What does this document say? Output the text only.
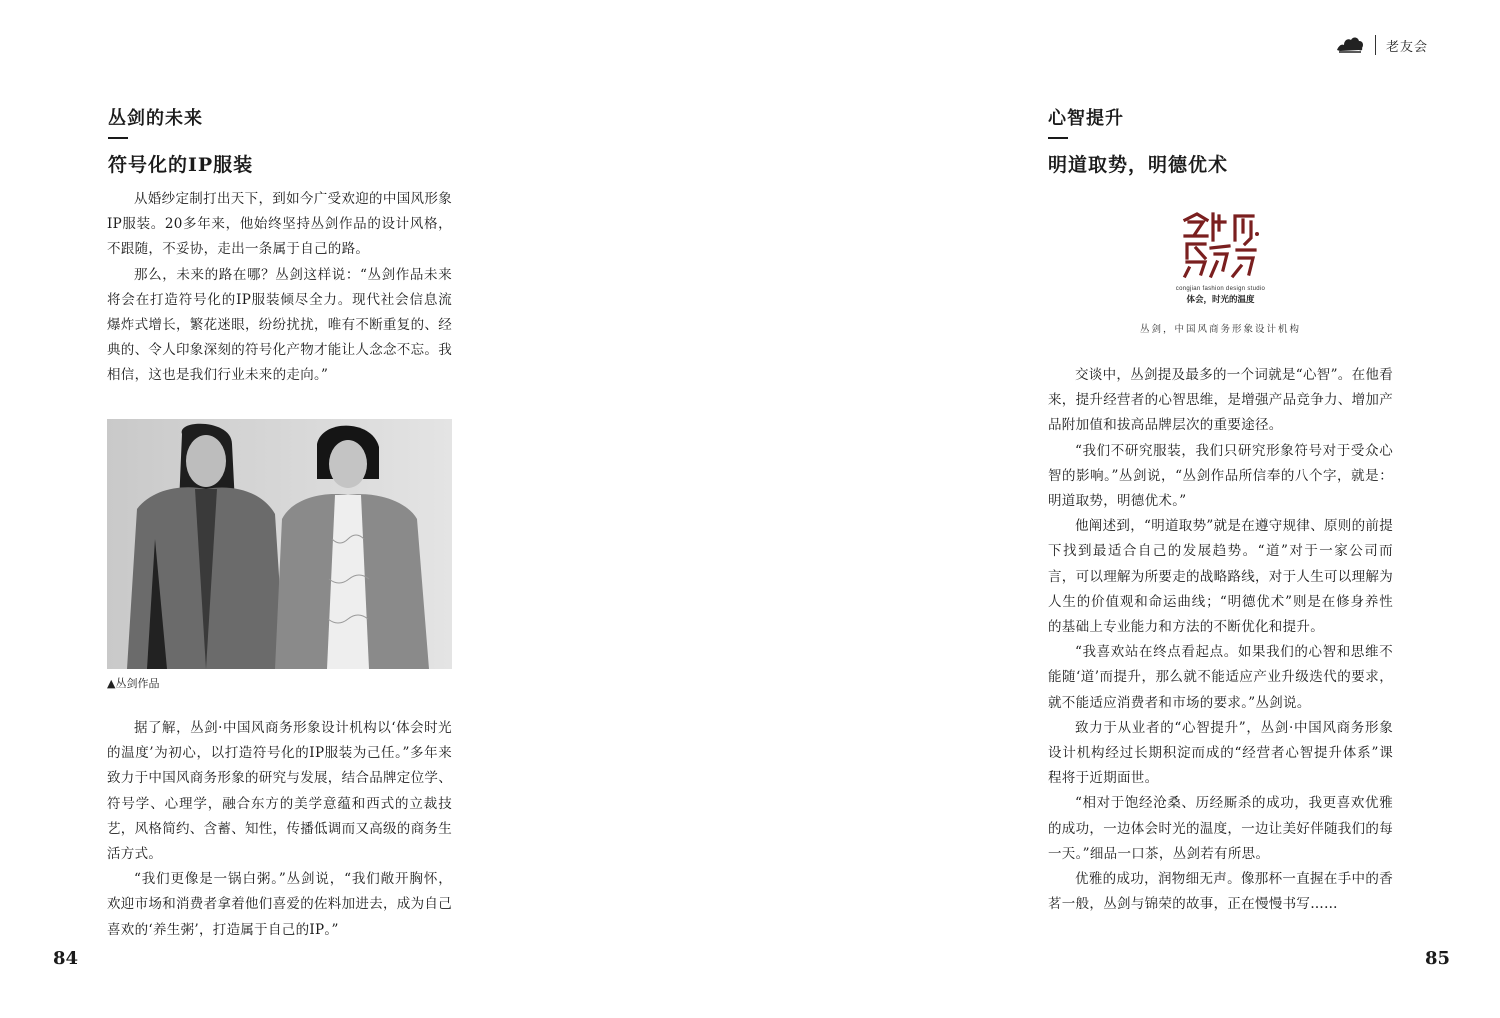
老友会
丛剑的未来
符号化的IP服装

从婚纱定制打出天下，到如今广受欢迎的中国风形象IP服装。20多年来，他始终坚持丛剑作品的设计风格，不跟随，不妥协，走出一条属于自己的路。

那么，未来的路在哪？丛剑这样说：“丛剑作品未来将会在打造符号化的IP服装倾尽全力。现代社会信息流爆炸式增长，繁花迷眼，纷纷扰扰，唯有不断重复的、经典的、令人印象深刻的符号化产物才能让人念念不忘。我相信，这也是我们行业未来的走向。”

▲丛剑作品

据了解，丛剑·中国风商务形象设计机构以‘体会时光的温度’为初心，以打造符号化的IP服装为己任。”多年来致力于中国风商务形象的研究与发展，结合品牌定位学、符号学、心理学，融合东方的美学意蕴和西式的立裁技艺，风格简约、含蓄、知性，传播低调而又高级的商务生活方式。

“我们更像是一锅白粥。”丛剑说，“我们敞开胸怀，欢迎市场和消费者拿着他们喜爱的佐料加进去，成为自己喜欢的‘养生粥’，打造属于自己的IP。”

84
心智提升
明道取势，明德优术
congjian fashion design studio
体会，时光的温度
丛剑，中国风商务形象设计机构

交谈中，丛剑提及最多的一个词就是“心智”。在他看来，提升经营者的心智思维，是增强产品竞争力、增加产品附加值和拔高品牌层次的重要途径。

“我们不研究服装，我们只研究形象符号对于受众心智的影响。”丛剑说，“丛剑作品所信奉的八个字，就是：明道取势，明德优术。”

他阐述到，“明道取势”就是在遵守规律、原则的前提下找到最适合自己的发展趋势。“道”对于一家公司而言，可以理解为所要走的战略路线，对于人生可以理解为人生的价值观和命运曲线；“明德优术”则是在修身养性的基础上专业能力和方法的不断优化和提升。

“我喜欢站在终点看起点。如果我们的心智和思维不能随‘道’而提升，那么就不能适应产业升级迭代的要求，就不能适应消费者和市场的要求。”丛剑说。

致力于从业者的“心智提升”，丛剑·中国风商务形象设计机构经过长期积淀而成的“经营者心智提升体系”课程将于近期面世。

“相对于饱经沧桑、历经厮杀的成功，我更喜欢优雅的成功，一边体会时光的温度，一边让美好伴随我们的每一天。”细品一口茶，丛剑若有所思。

优雅的成功，润物细无声。像那杯一直握在手中的香茗一般，丛剑与锦荣的故事，正在慢慢书写……

85
